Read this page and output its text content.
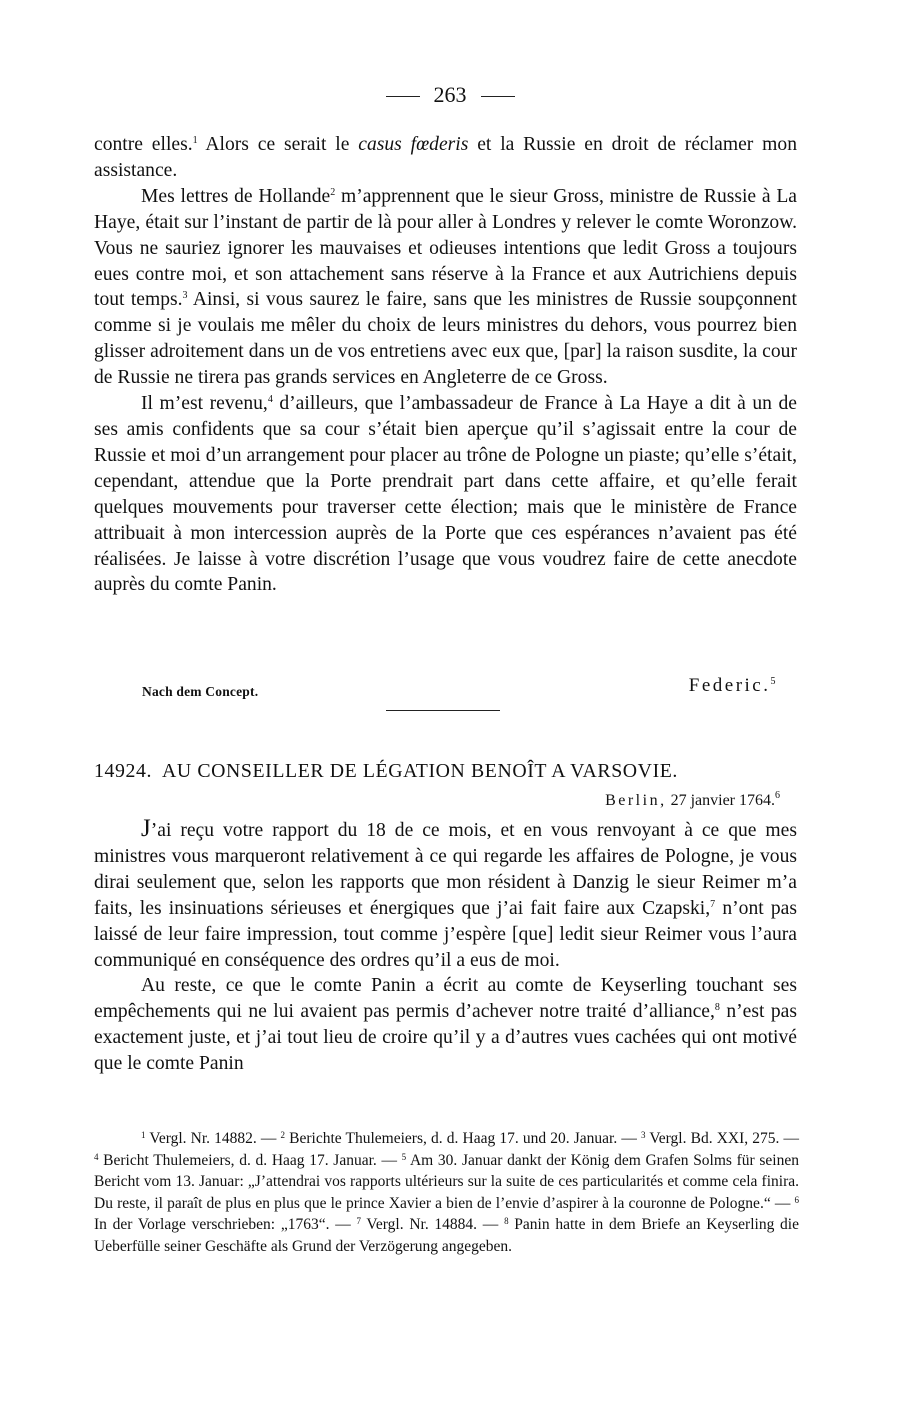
263

contre elles.$^1$ Alors ce serait le casus fœderis et la Russie en droit de réclamer mon assistance.

Mes lettres de Hollande$^2$ m’apprennent que le sieur Gross, ministre de Russie à La Haye, était sur l’instant de partir de là pour aller à Londres y relever le comte Woronzow. Vous ne sauriez ignorer les mauvaises et odieuses intentions que ledit Gross a toujours eues contre moi, et son attachement sans réserve à la France et aux Autrichiens depuis tout temps.$^3$ Ainsi, si vous saurez le faire, sans que les ministres de Russie soupçonnent comme si je voulais me mêler du choix de leurs ministres du dehors, vous pourrez bien glisser adroitement dans un de vos entretiens avec eux que, [par] la raison susdite, la cour de Russie ne tirera pas grands services en Angleterre de ce Gross.

Il m’est revenu,$^4$ d’ailleurs, que l’ambassadeur de France à La Haye a dit à un de ses amis confidents que sa cour s’était bien aperçue qu’il s’agissait entre la cour de Russie et moi d’un arrangement pour placer au trône de Pologne un piaste; qu’elle s’était, cependant, attendue que la Porte prendrait part dans cette affaire, et qu’elle ferait quelques mouvements pour traverser cette élection; mais que le ministère de France attribuait à mon intercession auprès de la Porte que ces espérances n’avaient pas été réalisées. Je laisse à votre discrétion l’usage que vous voudrez faire de cette anecdote auprès du comte Panin.

Nach dem Concept.	Federic.$^5$
14924. AU CONSEILLER DE LÉGATION BENOÎT A VARSOVIE.
Berlin, 27 janvier 1764.$^6$

J’ai reçu votre rapport du 18 de ce mois, et en vous renvoyant à ce que mes ministres vous marqueront relativement à ce qui regarde les affaires de Pologne, je vous dirai seulement que, selon les rapports que mon résident à Danzig le sieur Reimer m’a faits, les insinuations sérieuses et énergiques que j’ai fait faire aux Czapski,$^7$ n’ont pas laissé de leur faire impression, tout comme j’espère [que] ledit sieur Reimer vous l’aura communiqué en conséquence des ordres qu’il a eus de moi.

Au reste, ce que le comte Panin a écrit au comte de Keyserling touchant ses empêchements qui ne lui avaient pas permis d’achever notre traité d’alliance,$^8$ n’est pas exactement juste, et j’ai tout lieu de croire qu’il y a d’autres vues cachées qui ont motivé que le comte Panin

$^1$ Vergl. Nr. 14882. — $^2$ Berichte Thulemeiers, d. d. Haag 17. und 20. Januar. — $^3$ Vergl. Bd. XXI, 275. — $^4$ Bericht Thulemeiers, d. d. Haag 17. Januar. — $^5$ Am 30. Januar dankt der König dem Grafen Solms für seinen Bericht vom 13. Januar: „J’attendrai vos rapports ultérieurs sur la suite de ces particularités et comme cela finira. Du reste, il paraît de plus en plus que le prince Xavier a bien de l’envie d’aspirer à la couronne de Pologne.“ — $^6$ In der Vorlage verschrieben: „1763“. — $^7$ Vergl. Nr. 14884. — $^8$ Panin hatte in dem Briefe an Keyserling die Ueberfülle seiner Geschäfte als Grund der Verzögerung angegeben.
